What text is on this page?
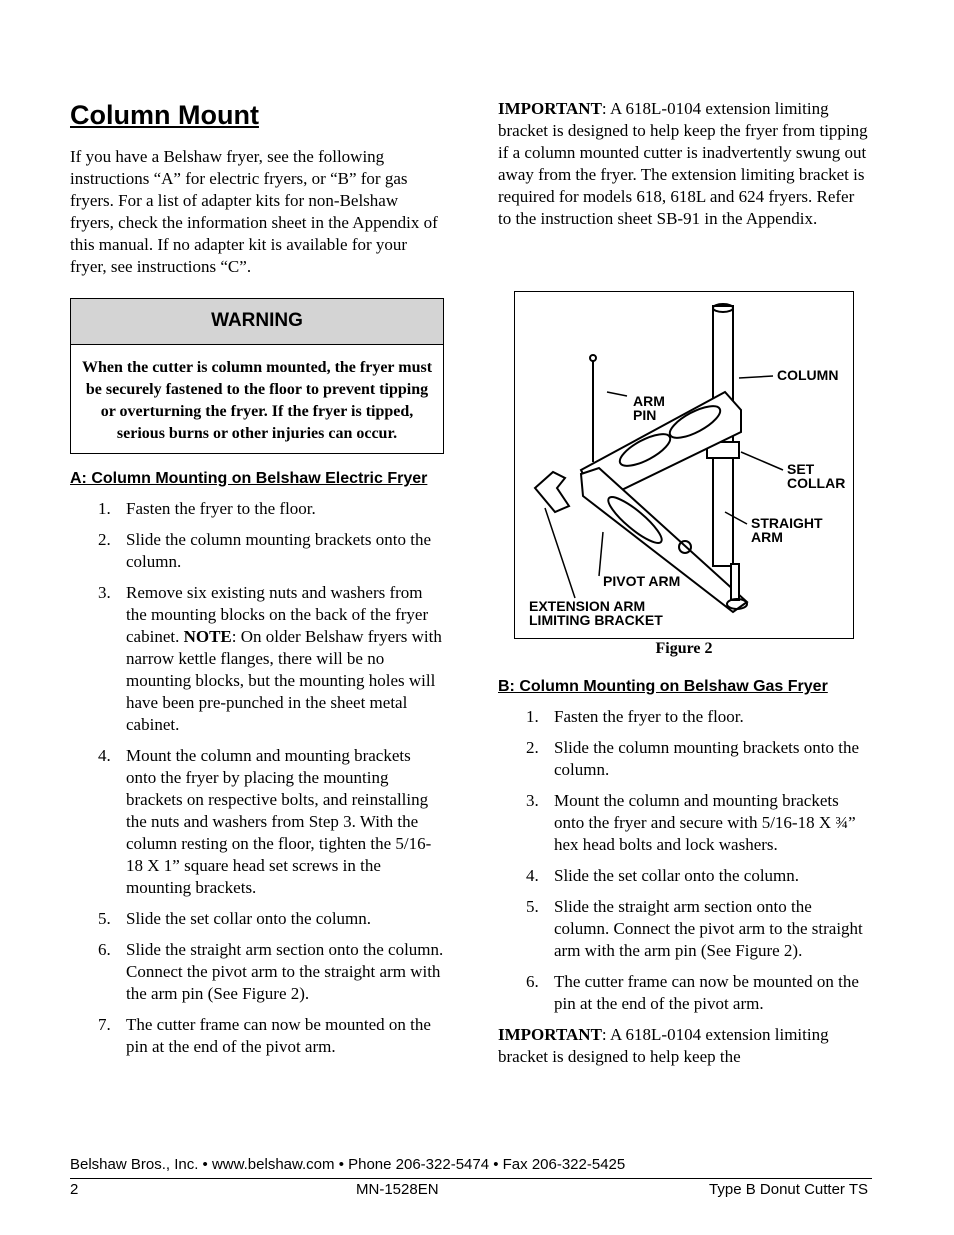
Column Mount

If you have a Belshaw fryer, see the following instructions “A” for electric fryers, or “B” for gas fryers. For a list of adapter kits for non-Belshaw fryers, check the information sheet in the Appendix of this manual. If no adapter kit is available for your fryer, see instructions “C”.

WARNING
When the cutter is column mounted, the fryer must be securely fastened to the floor to prevent tipping or overturning the fryer. If the fryer is tipped, serious burns or other injuries can occur.
A: Column Mounting on Belshaw Electric Fryer
1. Fasten the fryer to the floor.
2. Slide the column mounting brackets onto the column.
3. Remove six existing nuts and washers from the mounting blocks on the back of the fryer cabinet. NOTE: On older Belshaw fryers with narrow kettle flanges, there will be no mounting blocks, but the mounting holes will have been pre-punched in the sheet metal cabinet.
4. Mount the column and mounting brackets onto the fryer by placing the mounting brackets on respective bolts, and reinstalling the nuts and washers from Step 3. With the column resting on the floor, tighten the 5/16-18 X 1” square head set screws in the mounting brackets.
5. Slide the set collar onto the column.
6. Slide the straight arm section onto the column. Connect the pivot arm to the straight arm with the arm pin (See Figure 2).
7. The cutter frame can now be mounted on the pin at the end of the pivot arm.

IMPORTANT: A 618L-0104 extension limiting bracket is designed to help keep the fryer from tipping if a column mounted cutter is inadvertently swung out away from the fryer. The extension limiting bracket is required for models 618, 618L and 624 fryers. Refer to the instruction sheet SB-91 in the Appendix.

COLUMN
ARM
PIN
SET
COLLAR
STRAIGHT
ARM
PIVOT ARM
EXTENSION ARM
LIMITING BRACKET
Figure 2
B: Column Mounting on Belshaw Gas Fryer
1. Fasten the fryer to the floor.
2. Slide the column mounting brackets onto the column.
3. Mount the column and mounting brackets onto the fryer and secure with 5/16-18 X ¾” hex head bolts and lock washers.
4. Slide the set collar onto the column.
5. Slide the straight arm section onto the column. Connect the pivot arm to the straight arm with the arm pin (See Figure 2).
6. The cutter frame can now be mounted on the pin at the end of the pivot arm.

IMPORTANT: A 618L-0104 extension limiting bracket is designed to help keep the

Belshaw Bros., Inc. • www.belshaw.com • Phone 206-322-5474 • Fax 206-322-5425
2	MN-1528EN	Type B Donut Cutter TS
